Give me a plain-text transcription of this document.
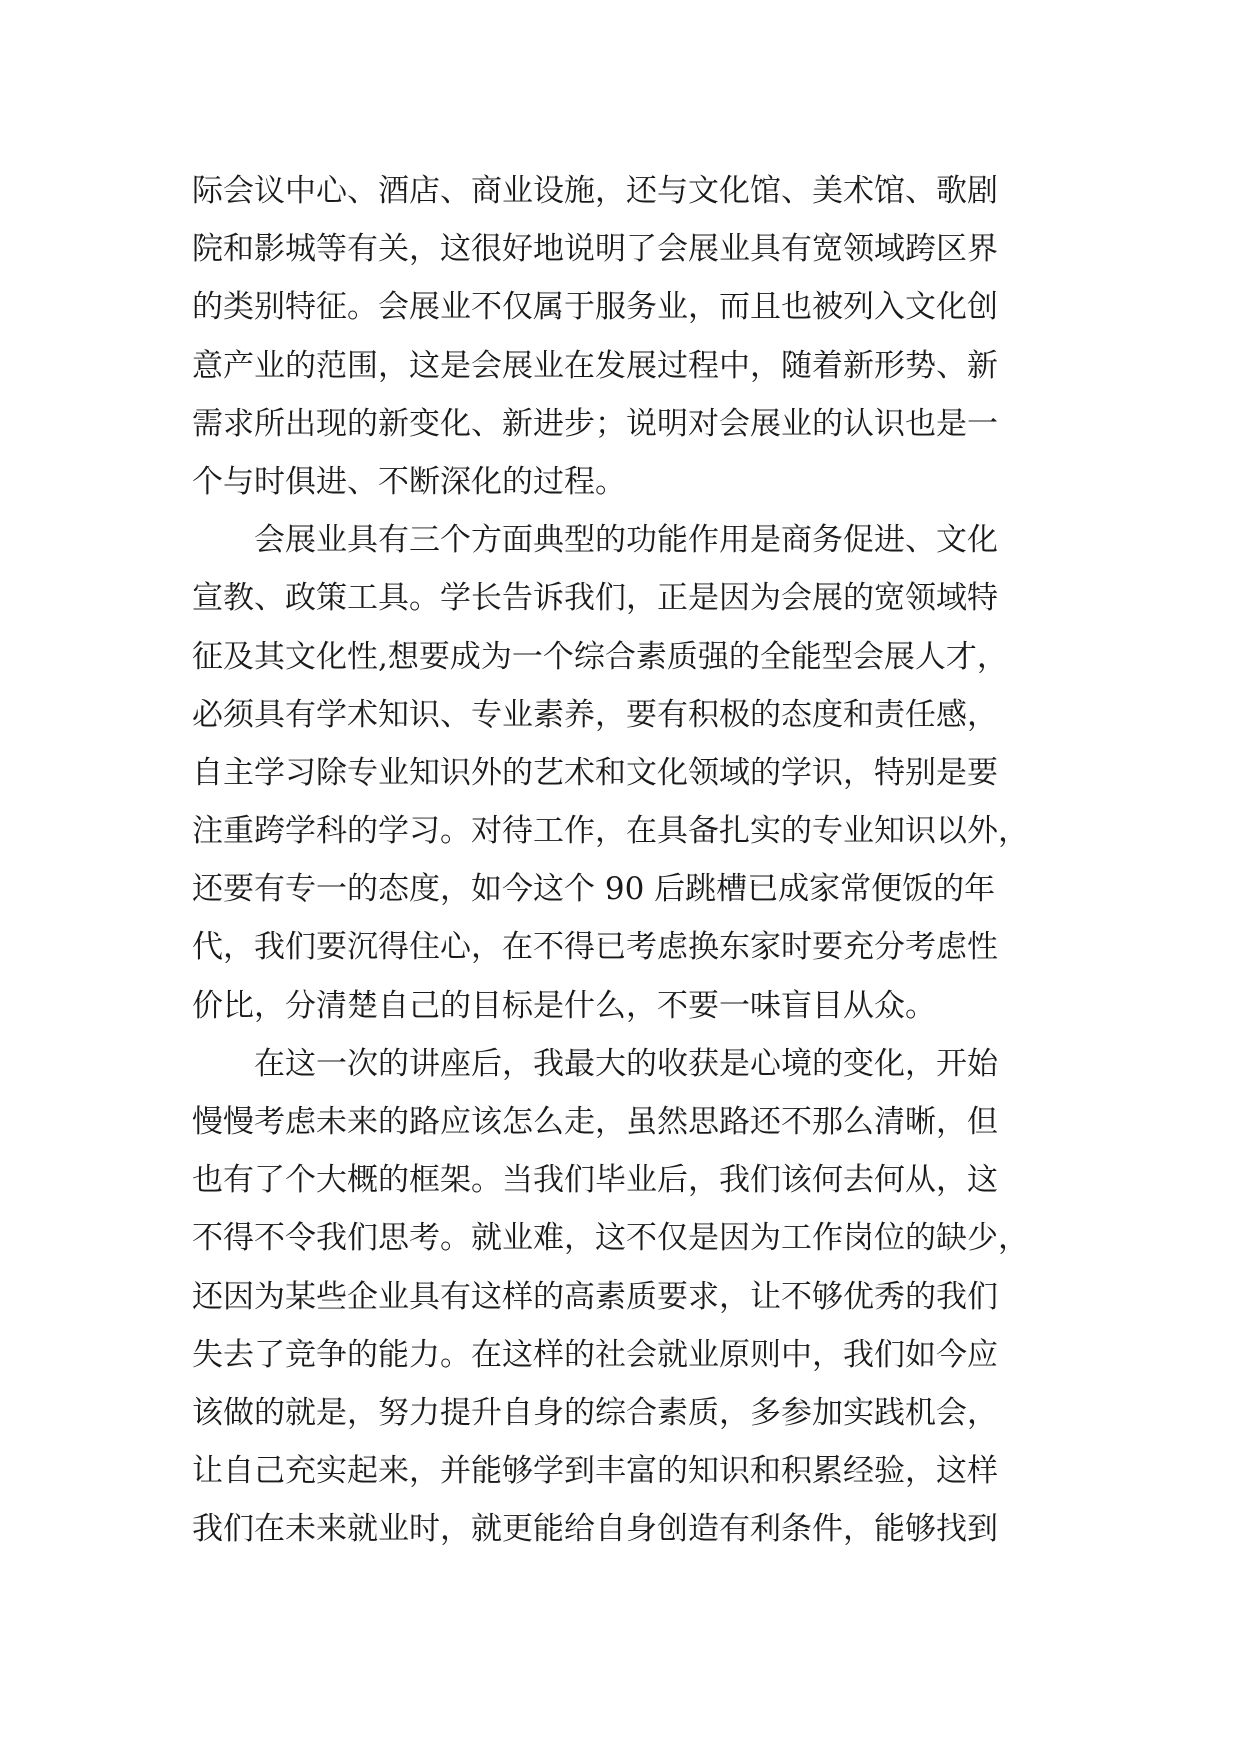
际会议中心、酒店、商业设施，还与文化馆、美术馆、歌剧
院和影城等有关，这很好地说明了会展业具有宽领域跨区界
的类别特征。会展业不仅属于服务业，而且也被列入文化创
意产业的范围，这是会展业在发展过程中，随着新形势、新
需求所出现的新变化、新进步；说明对会展业的认识也是一
个与时俱进、不断深化的过程。
　　会展业具有三个方面典型的功能作用是商务促进、文化
宣教、政策工具。学长告诉我们，正是因为会展的宽领域特
征及其文化性,想要成为一个综合素质强的全能型会展人才，
必须具有学术知识、专业素养，要有积极的态度和责任感，
自主学习除专业知识外的艺术和文化领域的学识，特别是要
注重跨学科的学习。对待工作，在具备扎实的专业知识以外，
还要有专一的态度，如今这个 90 后跳槽已成家常便饭的年
代，我们要沉得住心，在不得已考虑换东家时要充分考虑性
价比，分清楚自己的目标是什么，不要一味盲目从众。
　　在这一次的讲座后，我最大的收获是心境的变化，开始
慢慢考虑未来的路应该怎么走，虽然思路还不那么清晰，但
也有了个大概的框架。当我们毕业后，我们该何去何从，这
不得不令我们思考。就业难，这不仅是因为工作岗位的缺少，
还因为某些企业具有这样的高素质要求，让不够优秀的我们
失去了竞争的能力。在这样的社会就业原则中，我们如今应
该做的就是，努力提升自身的综合素质，多参加实践机会，
让自己充实起来，并能够学到丰富的知识和积累经验，这样
我们在未来就业时，就更能给自身创造有利条件，能够找到
